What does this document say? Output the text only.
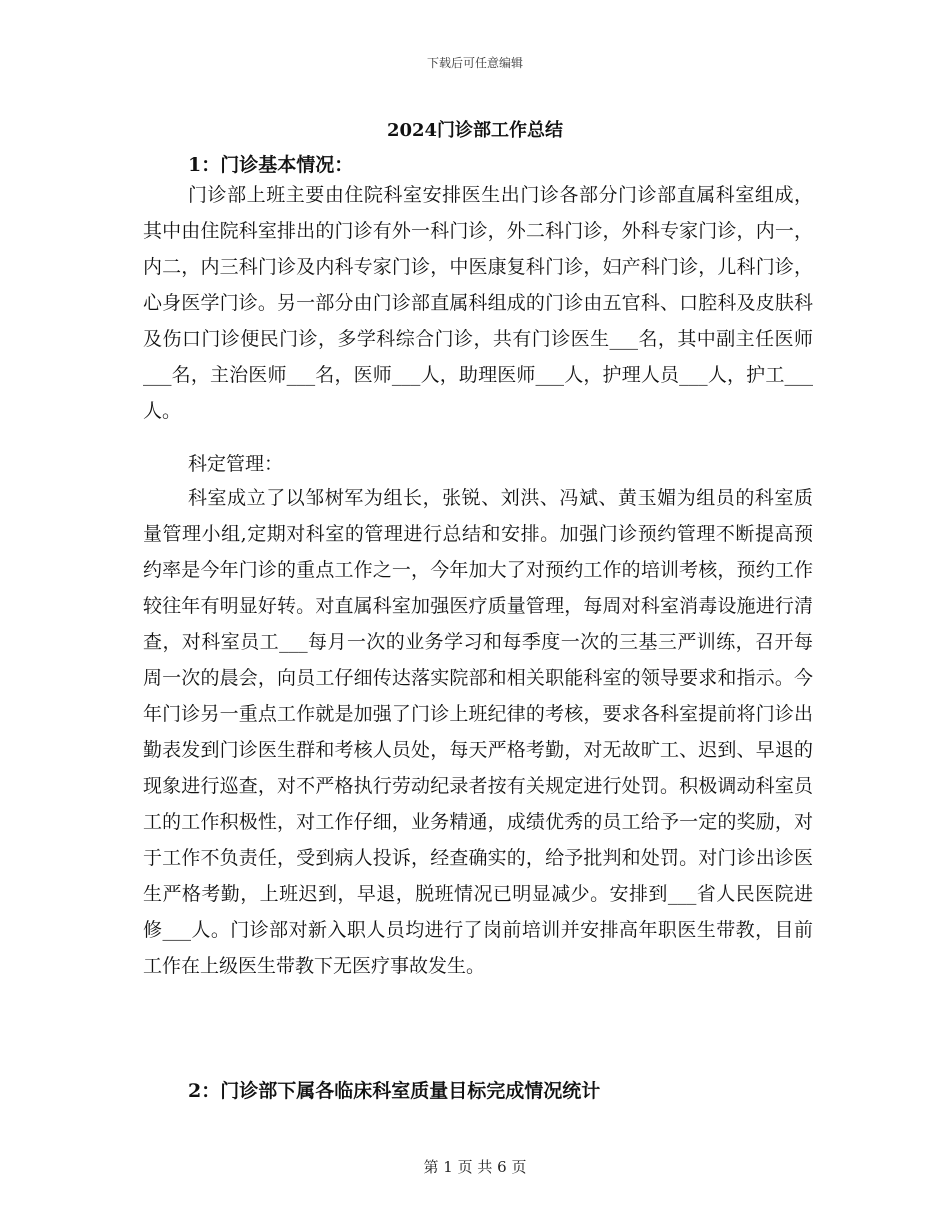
下载后可任意编辑
2024门诊部工作总结
1：门诊基本情况：

门诊部上班主要由住院科室安排医生出门诊各部分门诊部直属科室组成，其中由住院科室排出的门诊有外一科门诊，外二科门诊，外科专家门诊，内一，内二，内三科门诊及内科专家门诊，中医康复科门诊，妇产科门诊，儿科门诊，心身医学门诊。另一部分由门诊部直属科组成的门诊由五官科、口腔科及皮肤科及伤口门诊便民门诊，多学科综合门诊，共有门诊医生___名，其中副主任医师___名，主治医师___名，医师___人，助理医师___人，护理人员___人，护工___人。

科定管理：

科室成立了以邹树军为组长，张锐、刘洪、冯斌、黄玉媚为组员的科室质量管理小组,定期对科室的管理进行总结和安排。加强门诊预约管理不断提高预约率是今年门诊的重点工作之一，今年加大了对预约工作的培训考核，预约工作较往年有明显好转。对直属科室加强医疗质量管理，每周对科室消毒设施进行清查，对科室员工___每月一次的业务学习和每季度一次的三基三严训练，召开每周一次的晨会，向员工仔细传达落实院部和相关职能科室的领导要求和指示。今年门诊另一重点工作就是加强了门诊上班纪律的考核，要求各科室提前将门诊出勤表发到门诊医生群和考核人员处，每天严格考勤，对无故旷工、迟到、早退的现象进行巡查，对不严格执行劳动纪录者按有关规定进行处罚。积极调动科室员工的工作积极性，对工作仔细，业务精通，成绩优秀的员工给予一定的奖励，对于工作不负责任，受到病人投诉，经查确实的，给予批判和处罚。对门诊出诊医生严格考勤，上班迟到，早退，脱班情况已明显减少。安排到___省人民医院进修___人。门诊部对新入职人员均进行了岗前培训并安排高年职医生带教，目前工作在上级医生带教下无医疗事故发生。

2：门诊部下属各临床科室质量目标完成情况统计
第 1 页 共 6 页
